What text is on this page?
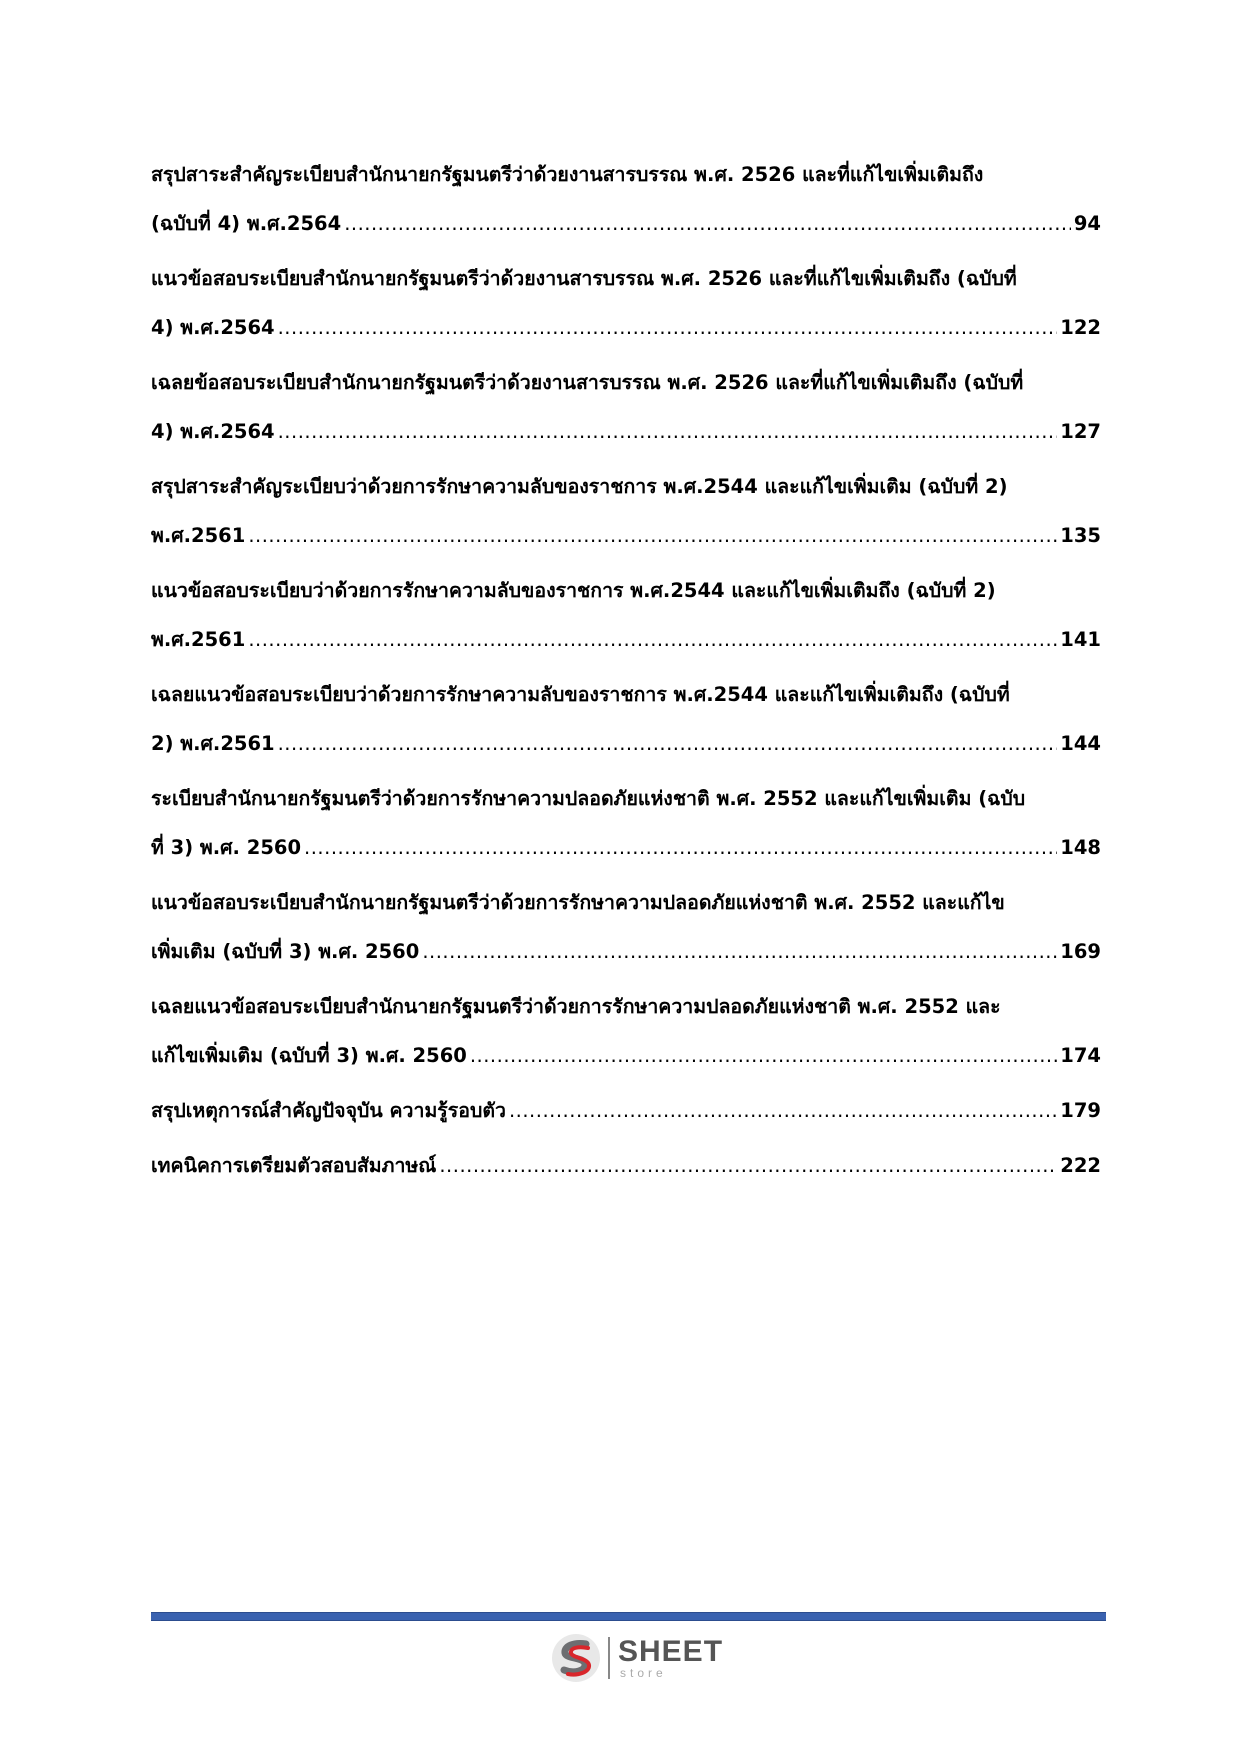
สรุปสาระสำคัญระเบียบสำนักนายกรัฐมนตรีว่าด้วยงานสารบรรณ พ.ศ. 2526 และที่แก้ไขเพิ่มเติมถึง
(ฉบับที่ 4) พ.ศ.2564 .....	94
แนวข้อสอบระเบียบสำนักนายกรัฐมนตรีว่าด้วยงานสารบรรณ พ.ศ. 2526 และที่แก้ไขเพิ่มเติมถึง (ฉบับที่
4) พ.ศ.2564 .....	122
เฉลยข้อสอบระเบียบสำนักนายกรัฐมนตรีว่าด้วยงานสารบรรณ พ.ศ. 2526 และที่แก้ไขเพิ่มเติมถึง (ฉบับที่
4) พ.ศ.2564 .....	127
สรุปสาระสำคัญระเบียบว่าด้วยการรักษาความลับของราชการ พ.ศ.2544 และแก้ไขเพิ่มเติม (ฉบับที่ 2)
พ.ศ.2561 .....	135
แนวข้อสอบระเบียบว่าด้วยการรักษาความลับของราชการ พ.ศ.2544 และแก้ไขเพิ่มเติมถึง (ฉบับที่ 2)
พ.ศ.2561 .....	141
เฉลยแนวข้อสอบระเบียบว่าด้วยการรักษาความลับของราชการ พ.ศ.2544 และแก้ไขเพิ่มเติมถึง (ฉบับที่
2) พ.ศ.2561 .....	144
ระเบียบสำนักนายกรัฐมนตรีว่าด้วยการรักษาความปลอดภัยแห่งชาติ พ.ศ. 2552 และแก้ไขเพิ่มเติม (ฉบับ
ที่ 3) พ.ศ. 2560 .....	148
แนวข้อสอบระเบียบสำนักนายกรัฐมนตรีว่าด้วยการรักษาความปลอดภัยแห่งชาติ พ.ศ. 2552 และแก้ไข
เพิ่มเติม (ฉบับที่ 3) พ.ศ. 2560 .....	169
เฉลยแนวข้อสอบระเบียบสำนักนายกรัฐมนตรีว่าด้วยการรักษาความปลอดภัยแห่งชาติ พ.ศ. 2552 และ
แก้ไขเพิ่มเติม (ฉบับที่ 3) พ.ศ. 2560 .....	174
สรุปเหตุการณ์สำคัญปัจจุบัน ความรู้รอบตัว .....	179
เทคนิคการเตรียมตัวสอบสัมภาษณ์ .....	222
SHEET
store
